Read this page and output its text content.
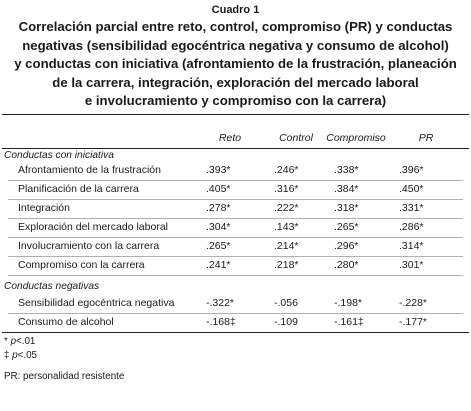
Cuadro 1
Correlación parcial entre reto, control, compromiso (PR) y conductas
negativas (sensibilidad egocéntrica negativa y consumo de alcohol)
y conductas con iniciativa (afrontamiento de la frustración, planeación
de la carrera, integración, exploración del mercado laboral
e involucramiento y compromiso con la carrera)
Reto	Control	Compromiso	PR
Conductas con iniciativa
Afrontamiento de la frustración	.393*	.246*	.338*	.396*
Planificación de la carrera	.405*	.316*	.384*	.450*
Integración	.278*	.222*	.318*	.331*
Exploración del mercado laboral	.304*	.143*	.265*	.286*
Involucramiento con la carrera	.265*	.214*	.296*	.314*
Compromiso con la carrera	.241*	.218*	.280*	.301*
Conductas negativas
Sensibilidad egocéntrica negativa	-.322*	-.056	-.198*	-.228*
Consumo de alcohol	-.168‡	-.109	-.161‡	-.177*
* p<.01
‡ p<.05
PR: personalidad resistente
